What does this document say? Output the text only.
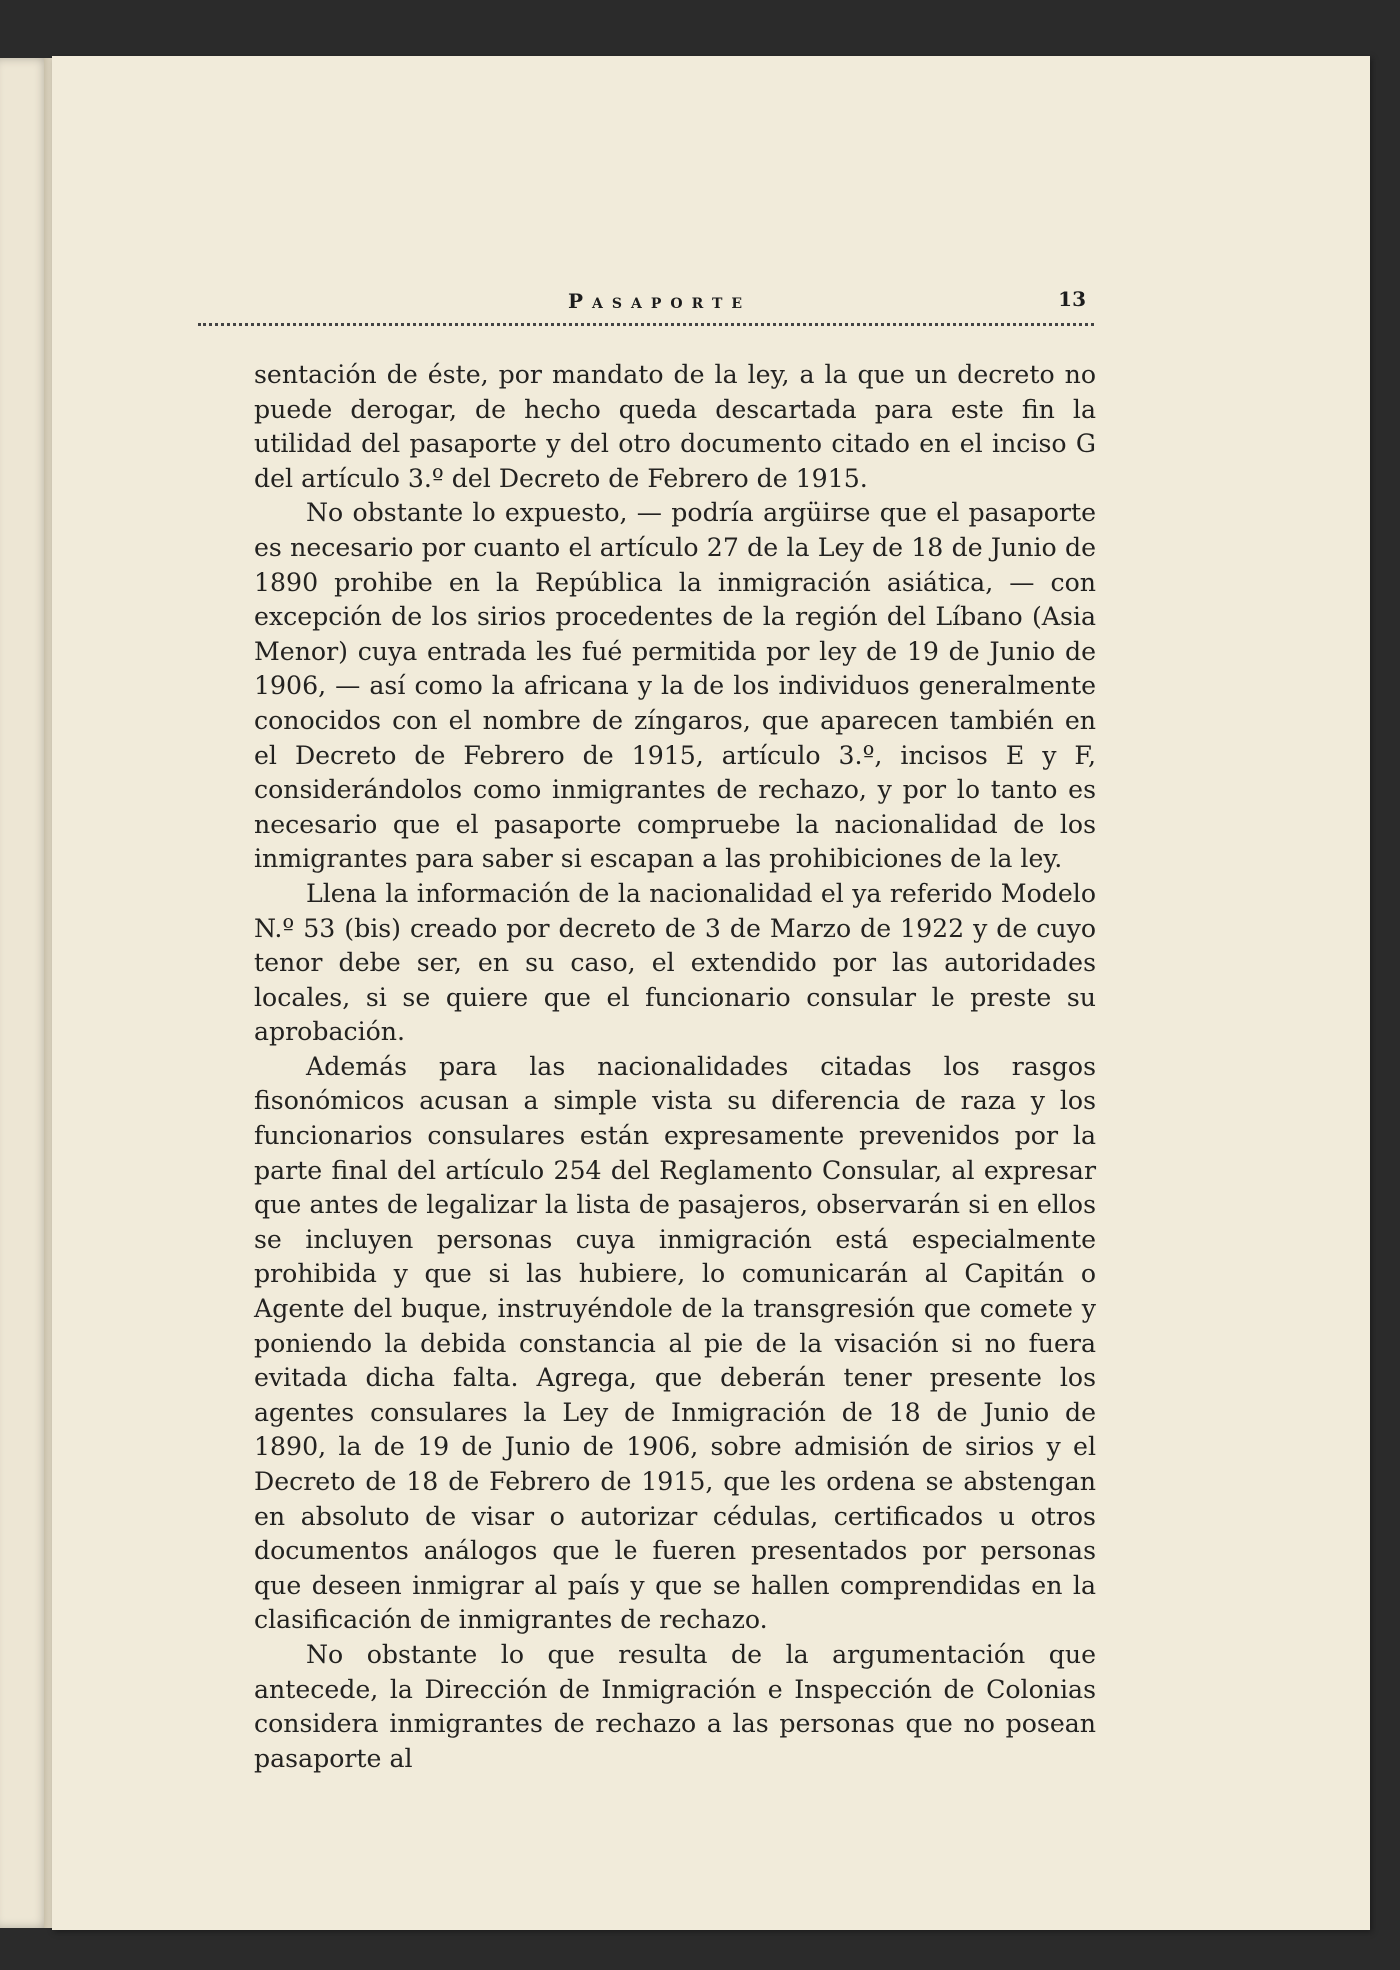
Pasaporte	13

sentación de éste, por mandato de la ley, a la que un decreto no puede derogar, de hecho queda descartada para este fin la utilidad del pasaporte y del otro documento citado en el inciso G del artículo 3.º del Decreto de Febrero de 1915.

No obstante lo expuesto, — podría argüirse que el pasaporte es necesario por cuanto el artículo 27 de la Ley de 18 de Junio de 1890 prohibe en la República la inmigración asiática, — con excepción de los sirios procedentes de la región del Líbano (Asia Menor) cuya entrada les fué permitida por ley de 19 de Junio de 1906, — así como la africana y la de los individuos generalmente conocidos con el nombre de zíngaros, que aparecen también en el Decreto de Febrero de 1915, artículo 3.º, incisos E y F, considerándolos como inmigrantes de rechazo, y por lo tanto es necesario que el pasaporte compruebe la nacionalidad de los inmigrantes para saber si escapan a las prohibiciones de la ley.

Llena la información de la nacionalidad el ya referido Modelo N.º 53 (bis) creado por decreto de 3 de Marzo de 1922 y de cuyo tenor debe ser, en su caso, el extendido por las autoridades locales, si se quiere que el funcionario consular le preste su aprobación.

Además para las nacionalidades citadas los rasgos fisonómicos acusan a simple vista su diferencia de raza y los funcionarios consulares están expresamente prevenidos por la parte final del artículo 254 del Reglamento Consular, al expresar que antes de legalizar la lista de pasajeros, observarán si en ellos se incluyen personas cuya inmigración está especialmente prohibida y que si las hubiere, lo comunicarán al Capitán o Agente del buque, instruyéndole de la transgresión que comete y poniendo la debida constancia al pie de la visación si no fuera evitada dicha falta. Agrega, que deberán tener presente los agentes consulares la Ley de Inmigración de 18 de Junio de 1890, la de 19 de Junio de 1906, sobre admisión de sirios y el Decreto de 18 de Febrero de 1915, que les ordena se abstengan en absoluto de visar o autorizar cédulas, certificados u otros documentos análogos que le fueren presentados por personas que deseen inmigrar al país y que se hallen comprendidas en la clasificación de inmigrantes de rechazo.

No obstante lo que resulta de la argumentación que antecede, la Dirección de Inmigración e Inspección de Colonias considera inmigrantes de rechazo a las personas que no posean pasaporte al
